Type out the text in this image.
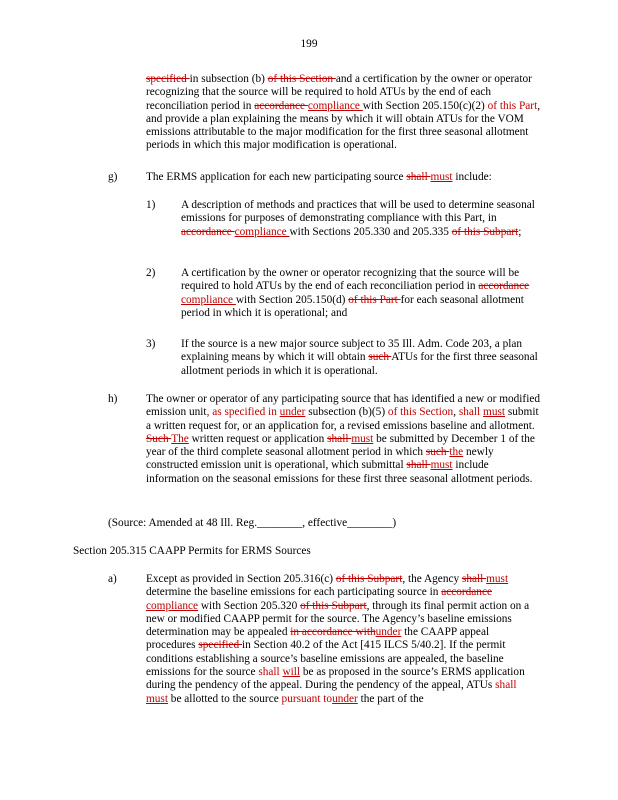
199

specified in subsection (b) of this Section and a certification by the owner or operator recognizing that the source will be required to hold ATUs by the end of each reconciliation period in accordance compliance with Section 205.150(c)(2) of this Part, and provide a plan explaining the means by which it will obtain ATUs for the VOM emissions attributable to the major modification for the first three seasonal allotment periods in which this major modification is operational.

g)	The ERMS application for each new participating source shall must include:

1) A description of methods and practices that will be used to determine seasonal emissions for purposes of demonstrating compliance with this Part, in accordance compliance with Sections 205.330 and 205.335 of this Subpart;

2) A certification by the owner or operator recognizing that the source will be required to hold ATUs by the end of each reconciliation period in accordance compliance with Section 205.150(d) of this Part for each seasonal allotment period in which it is operational; and

3) If the source is a new major source subject to 35 Ill. Adm. Code 203, a plan explaining means by which it will obtain such ATUs for the first three seasonal allotment periods in which it is operational.

h)	The owner or operator of any participating source that has identified a new or modified emission unit, as specified in under subsection (b)(5) of this Section, shall must submit a written request for, or an application for, a revised emissions baseline and allotment. Such The written request or application shall must be submitted by December 1 of the year of the third complete seasonal allotment period in which such the newly constructed emission unit is operational, which submittal shall must include information on the seasonal emissions for these first three seasonal allotment periods.

(Source: Amended at 48 Ill. Reg.________, effective________)

Section 205.315 CAAPP Permits for ERMS Sources
a)	Except as provided in Section 205.316(c) of this Subpart, the Agency shall must determine the baseline emissions for each participating source in accordance compliance with Section 205.320 of this Subpart, through its final permit action on a new or modified CAAPP permit for the source. The Agency’s baseline emissions determination may be appealed in accordance withunder the CAAPP appeal procedures specified in Section 40.2 of the Act [415 ILCS 5/40.2]. If the permit conditions establishing a source’s baseline emissions are appealed, the baseline emissions for the source shall will be as proposed in the source’s ERMS application during the pendency of the appeal. During the pendency of the appeal, ATUs shall must be allotted to the source pursuant tounder the part of the
